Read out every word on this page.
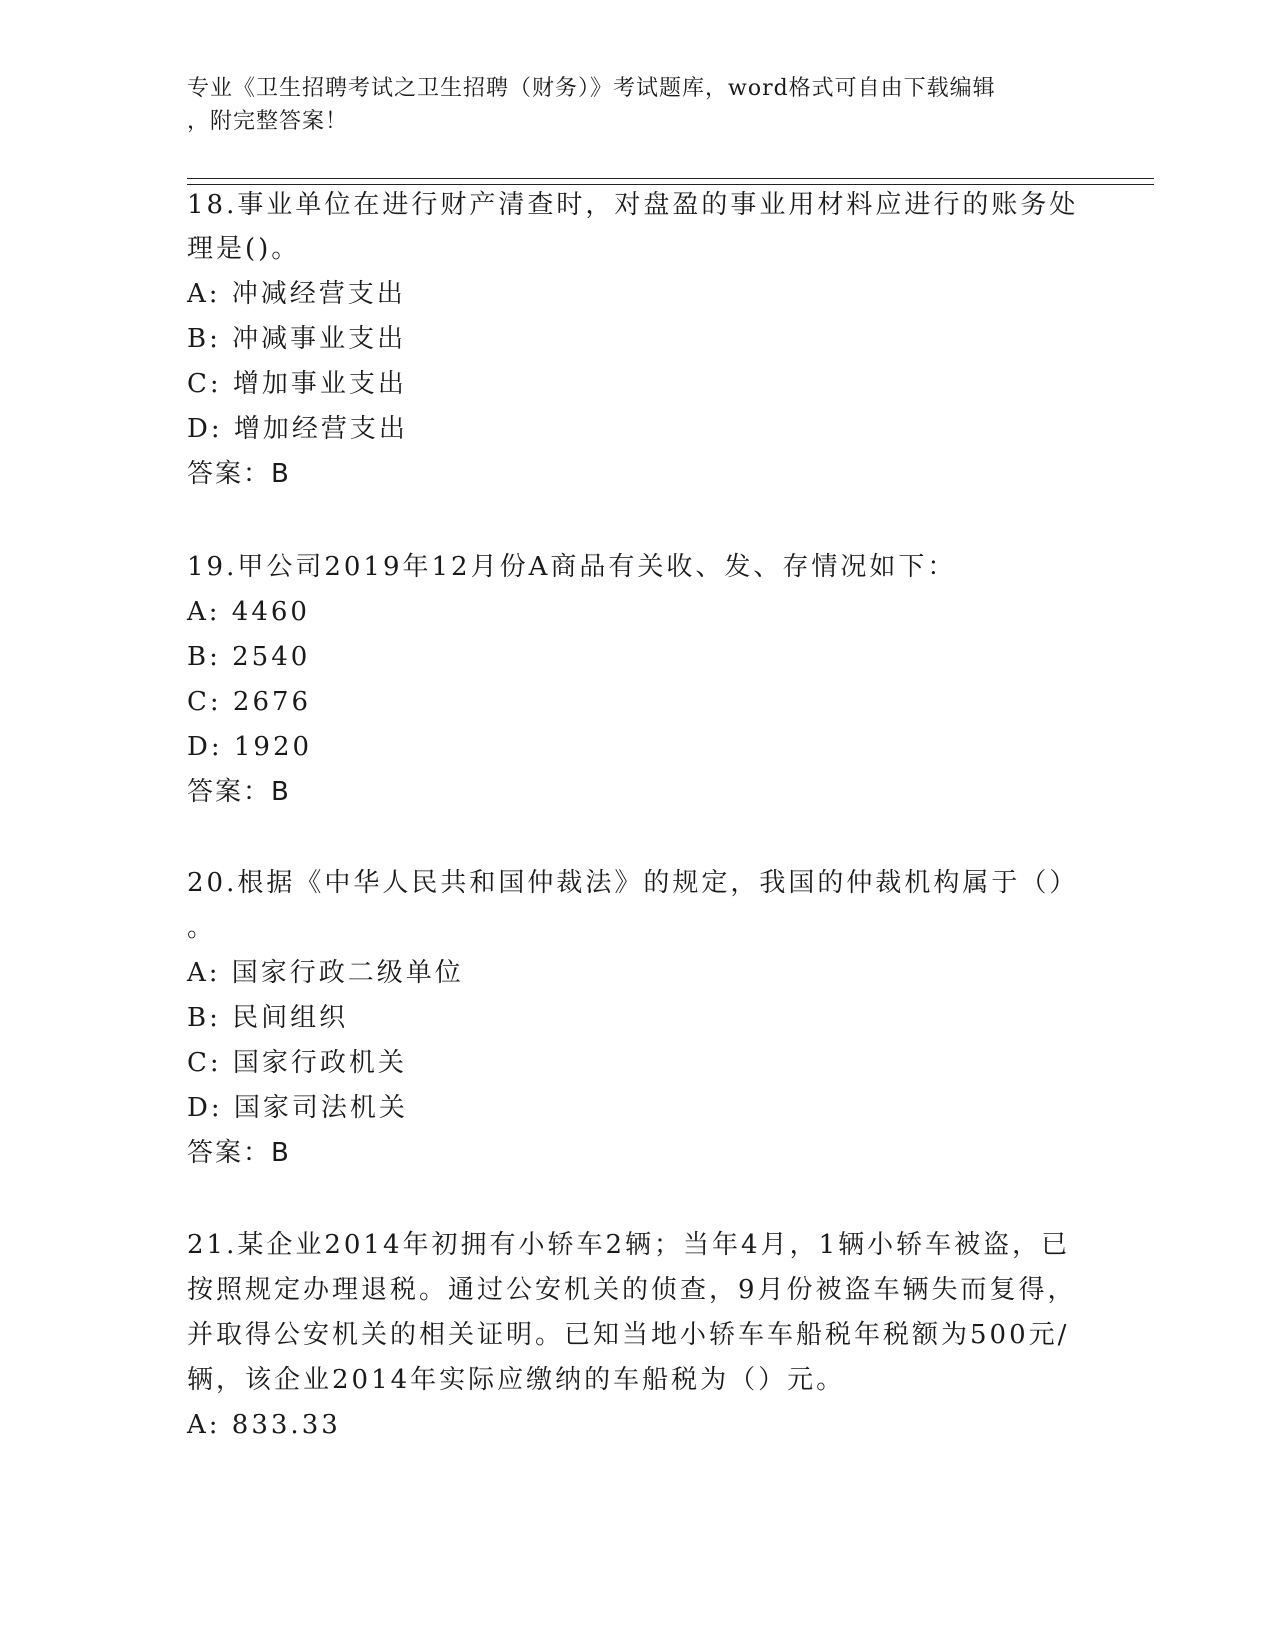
专业《卫生招聘考试之卫生招聘（财务）》考试题库，word格式可自由下载编辑
，附完整答案！
18.事业单位在进行财产清查时，对盘盈的事业用材料应进行的账务处
理是()。
A: 冲减经营支出
B: 冲减事业支出
C: 增加事业支出
D: 增加经营支出
答案：B
19.甲公司2019年12月份A商品有关收、发、存情况如下：
A: 4460
B: 2540
C: 2676
D: 1920
答案：B
20.根据《中华人民共和国仲裁法》的规定，我国的仲裁机构属于（）
。
A: 国家行政二级单位
B: 民间组织
C: 国家行政机关
D: 国家司法机关
答案：B
21.某企业2014年初拥有小轿车2辆；当年4月，1辆小轿车被盗，已
按照规定办理退税。通过公安机关的侦查，9月份被盗车辆失而复得，
并取得公安机关的相关证明。已知当地小轿车车船税年税额为500元/
辆，该企业2014年实际应缴纳的车船税为（）元。
A: 833.33
